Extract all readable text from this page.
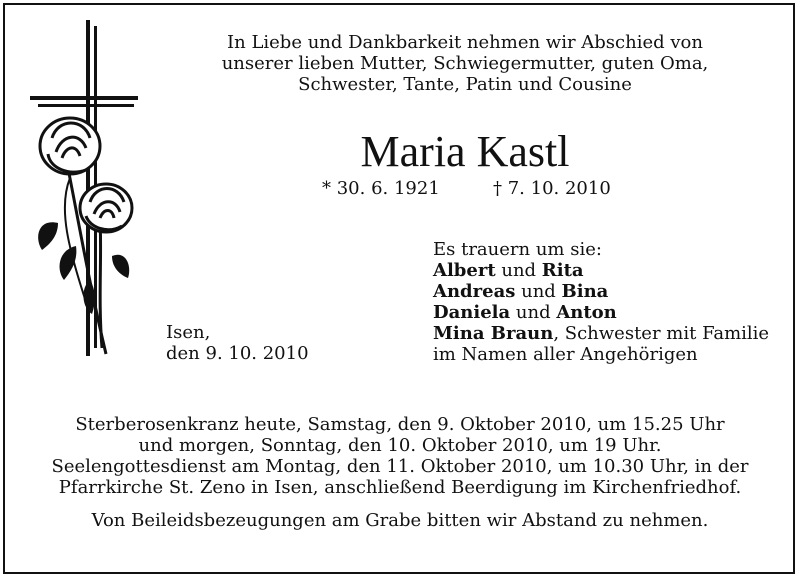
In Liebe und Dankbarkeit nehmen wir Abschied von
unserer lieben Mutter, Schwiegermutter, guten Oma,
Schwester, Tante, Patin und Cousine
Maria Kastl
* 30. 6. 1921	† 7. 10. 2010
Es trauern um sie:
Albert und Rita
Andreas und Bina
Daniela und Anton
Mina Braun, Schwester mit Familie
im Namen aller Angehörigen
Isen,
den 9. 10. 2010
Sterberosenkranz heute, Samstag, den 9. Oktober 2010, um 15.25 Uhr
und morgen, Sonntag, den 10. Oktober 2010, um 19 Uhr.
Seelengottesdienst am Montag, den 11. Oktober 2010, um 10.30 Uhr, in der
Pfarrkirche St. Zeno in Isen, anschließend Beerdigung im Kirchenfriedhof.
Von Beileidsbezeugungen am Grabe bitten wir Abstand zu nehmen.
